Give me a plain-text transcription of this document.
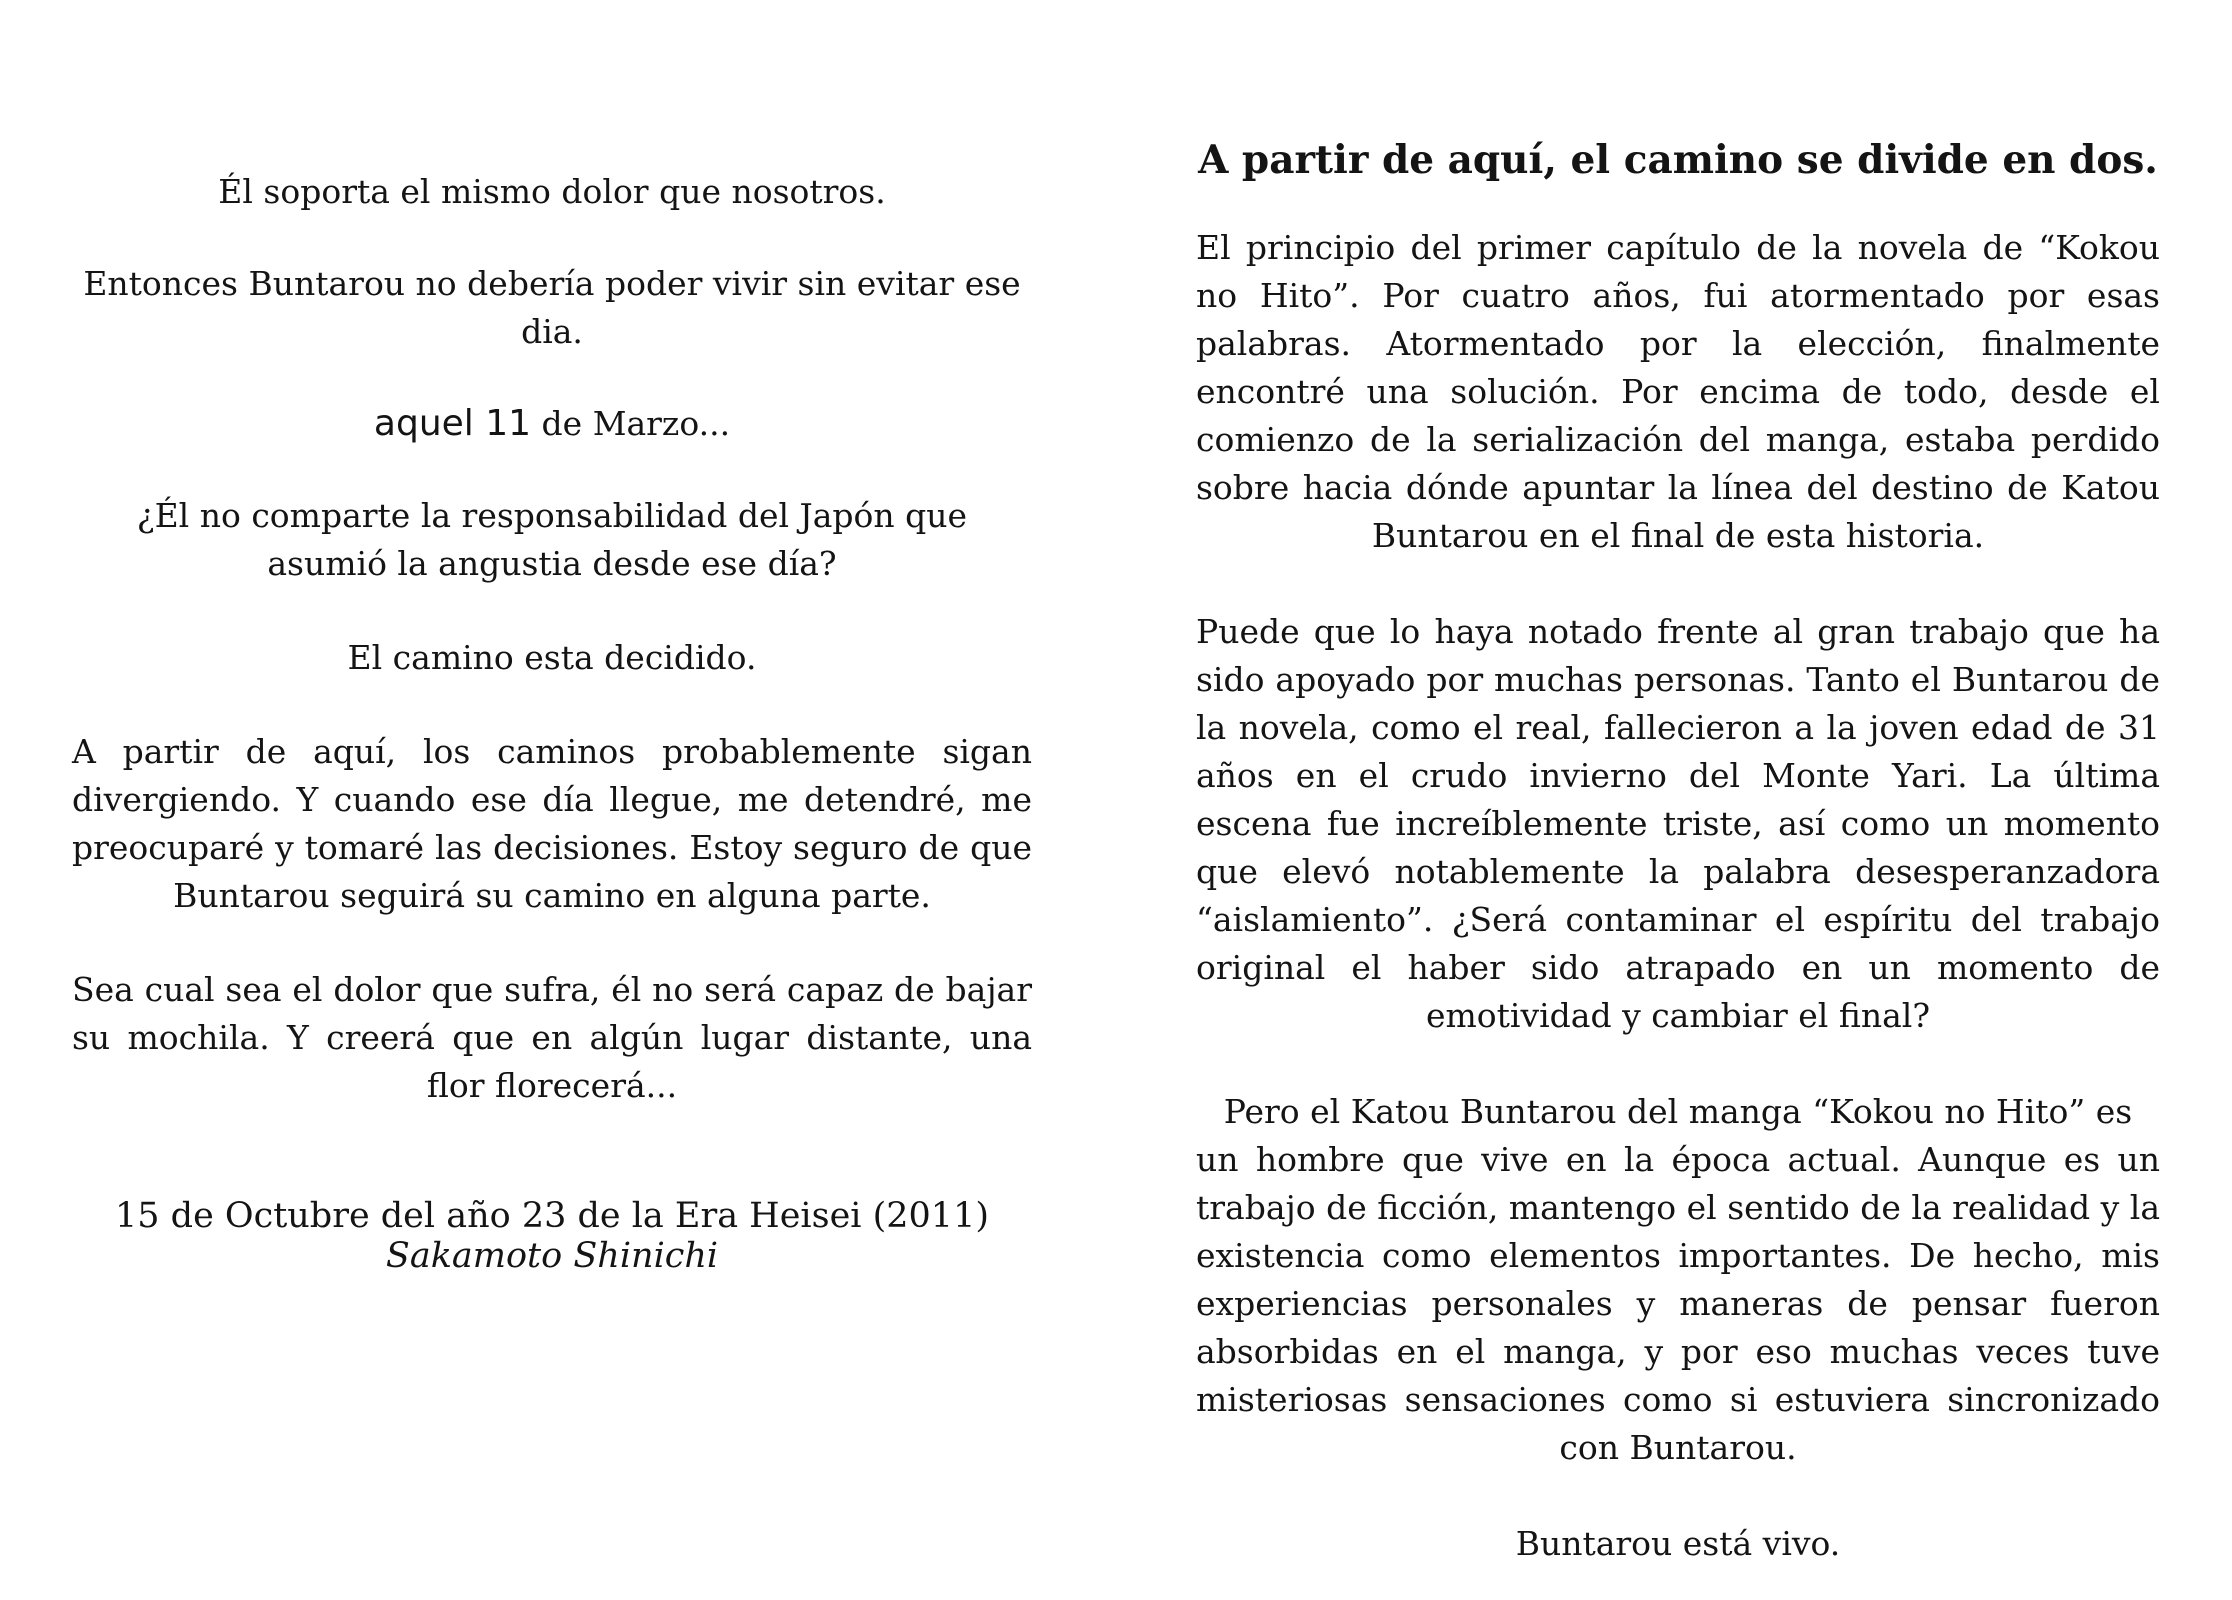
Él soporta el mismo dolor que nosotros.

Entonces Buntarou no debería poder vivir sin evitar ese dia.

aquel 11 de Marzo...

¿Él no comparte la responsabilidad del Japón que asumió la angustia desde ese día?

El camino esta decidido.

A partir de aquí, los caminos probablemente sigan divergiendo. Y cuando ese día llegue, me detendré, me preocuparé y tomaré las decisiones. Estoy seguro de que Buntarou seguirá su camino en alguna parte.

Sea cual sea el dolor que sufra, él no será capaz de bajar su mochila. Y creerá que en algún lugar distante, una flor florecerá...

15 de Octubre del año 23 de la Era Heisei (2011)
Sakamoto Shinichi
A partir de aquí, el camino se divide en dos.

El principio del primer capítulo de la novela de “Kokou no Hito”. Por cuatro años, fui atormentado por esas palabras. Atormentado por la elección, finalmente encontré una solución. Por encima de todo, desde el comienzo de la serialización del manga, estaba perdido sobre hacia dónde apuntar la línea del destino de Katou Buntarou en el final de esta historia.

Puede que lo haya notado frente al gran trabajo que ha sido apoyado por muchas personas. Tanto el Buntarou de la novela, como el real, fallecieron a la joven edad de 31 años en el crudo invierno del Monte Yari. La última escena fue increíblemente triste, así como un momento que elevó notablemente la palabra desesperanzadora “aislamiento”. ¿Será contaminar el espíritu del trabajo original el haber sido atrapado en un momento de emotividad y cambiar el final?

Pero el Katou Buntarou del manga “Kokou no Hito” es
un hombre que vive en la época actual. Aunque es un trabajo de ficción, mantengo el sentido de la realidad y la existencia como elementos importantes. De hecho, mis experiencias personales y maneras de pensar fueron absorbidas en el manga, y por eso muchas veces tuve misteriosas sensaciones como si estuviera sincronizado con Buntarou.

Buntarou está vivo.
